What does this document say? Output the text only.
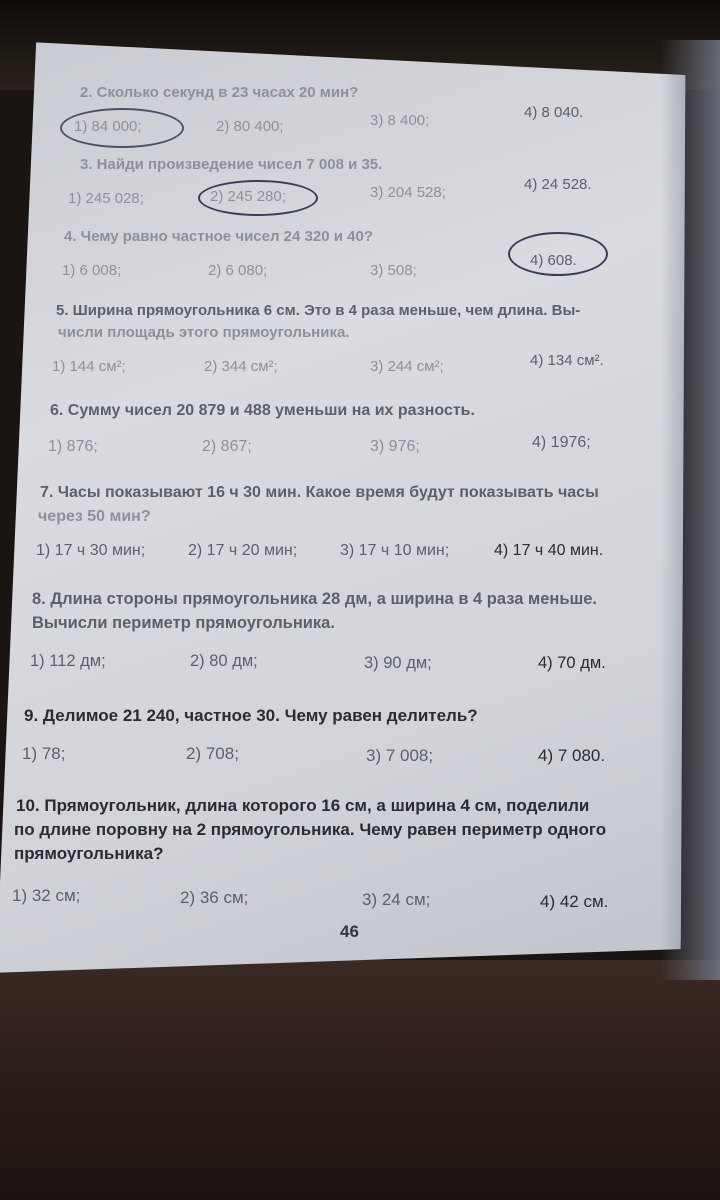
2. Сколько секунд в 23 часах 20 мин?
1) 84 000;	2) 80 400;	3) 8 400;	4) 8 040.
3. Найди произведение чисел 7 008 и 35.
1) 245 028;	2) 245 280;	3) 204 528;	4) 24 528.
4. Чему равно частное чисел 24 320 и 40?
1) 6 008;	2) 6 080;	3) 508;
4) 608.
5. Ширина прямоугольника 6 см. Это в 4 раза меньше, чем длина. Вы-
числи площадь этого прямоугольника.
1) 144 см²;	2) 344 см²;	3) 244 см²;	4) 134 см².
6. Сумму чисел 20 879 и 488 уменьши на их разность.
1) 876;	2) 867;	3) 976;	4) 1976;
7. Часы показывают 16 ч 30 мин. Какое время будут показывать часы
через 50 мин?
1) 17 ч 30 мин;	2) 17 ч 20 мин;	3) 17 ч 10 мин;	4) 17 ч 40 мин.
8. Длина стороны прямоугольника 28 дм, а ширина в 4 раза меньше.
Вычисли периметр прямоугольника.
1) 112 дм;	2) 80 дм;	3) 90 дм;	4) 70 дм.
9. Делимое 21 240, частное 30. Чему равен делитель?
1) 78;	2) 708;	3) 7 008;	4) 7 080.
10. Прямоугольник, длина которого 16 см, а ширина 4 см, поделили
по длине поровну на 2 прямоугольника. Чему равен периметр одного
прямоугольника?
1) 32 см;	2) 36 см;	3) 24 см;	4) 42 см.
46
